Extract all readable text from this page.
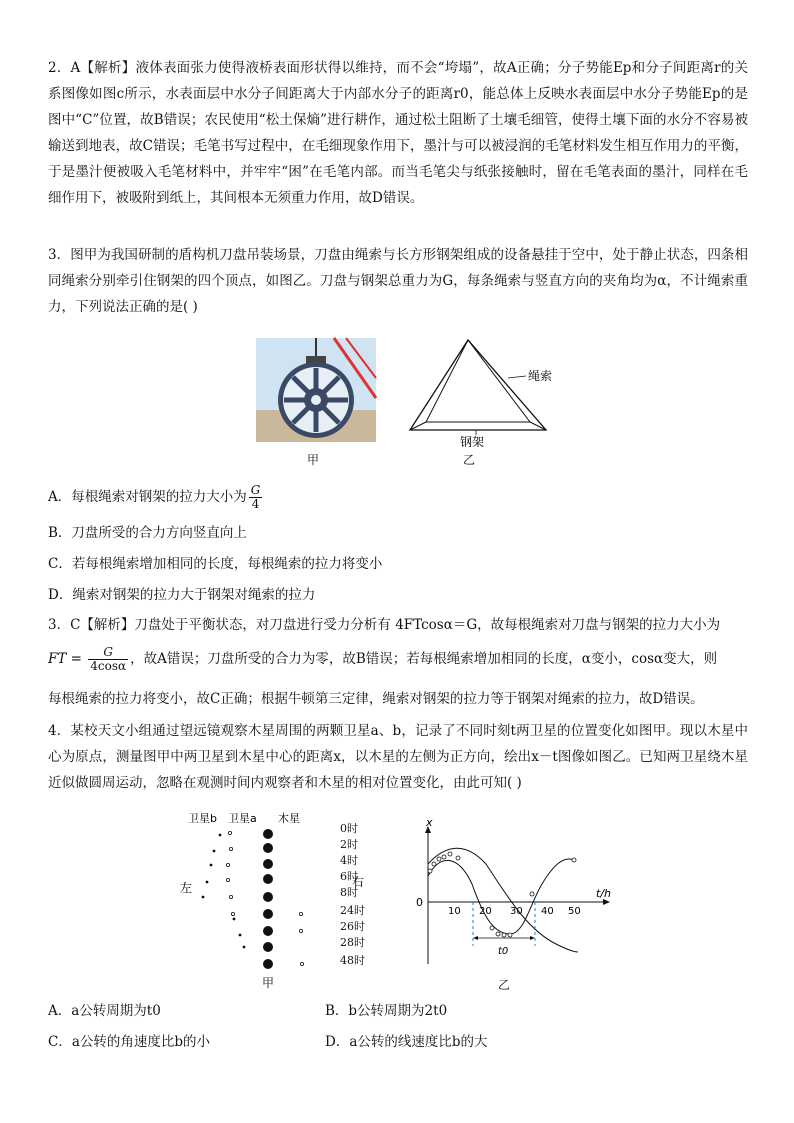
2．A【解析】液体表面张力使得液桥表面形状得以维持，而不会“垮塌”，故A正确；分子势能Ep和分子间距离r的关系图像如图c所示，水表面层中水分子间距离大于内部水分子的距离r0，能总体上反映水表面层中水分子势能Ep的是图中“C”位置，故B错误；农民使用“松土保熵”进行耕作，通过松土阻断了土壤毛细管，使得土壤下面的水分不容易被输送到地表，故C错误；毛笔书写过程中，在毛细现象作用下，墨汁与可以被浸润的毛笔材料发生相互作用力的平衡，于是墨汁便被吸入毛笔材料中，并牢牢“困”在毛笔内部。而当毛笔尖与纸张接触时，留在毛笔表面的墨汁，同样在毛细作用下，被吸附到纸上，其间根本无须重力作用，故D错误。

3．图甲为我国研制的盾构机刀盘吊装场景，刀盘由绳索与长方形钢架组成的设备悬挂于空中，处于静止状态，四条相同绳索分别牵引住钢架的四个顶点，如图乙。刀盘与钢架总重力为G，每条绳索与竖直方向的夹角均为α，不计绳索重力，下列说法正确的是( )

甲
绳索
钢架
乙
A．每根绳索对钢架的拉力大小为 $\frac{G}{4}$
B．刀盘所受的合力方向竖直向上
C．若每根绳索增加相同的长度，每根绳索的拉力将变小
D．绳索对钢架的拉力大于钢架对绳索的拉力
3．C【解析】刀盘处于平衡状态，对刀盘进行受力分析有 4FTcosα＝G，故每根绳索对刀盘与钢架的拉力大小为
FT = $\frac{G}{4\cos\alpha}$ ，故A错误；刀盘所受的合力为零，故B错误；若每根绳索增加相同的长度，α变小，cosα变大，则
每根绳索的拉力将变小，故C正确；根据牛顿第三定律，绳索对钢架的拉力等于钢架对绳索的拉力，故D错误。

4．某校天文小组通过望远镜观察木星周围的两颗卫星a、b，记录了不同时刻t两卫星的位置变化如图甲。现以木星中心为原点，测量图甲中两卫星到木星中心的距离x，以木星的左侧为正方向，绘出x－t图像如图乙。已知两卫星绕木星近似做圆周运动，忽略在观测时间内观察者和木星的相对位置变化，由此可知( )

卫星b 卫星a 木星
左	右
0时
2时
4时
6时
8时
24时
26时
28时
48时
甲
x
t/h
0
10 20 30 40 50
t0
乙
A．a公转周期为t0	B．b公转周期为2t0
C．a公转的角速度比b的小	D．a公转的线速度比b的大
